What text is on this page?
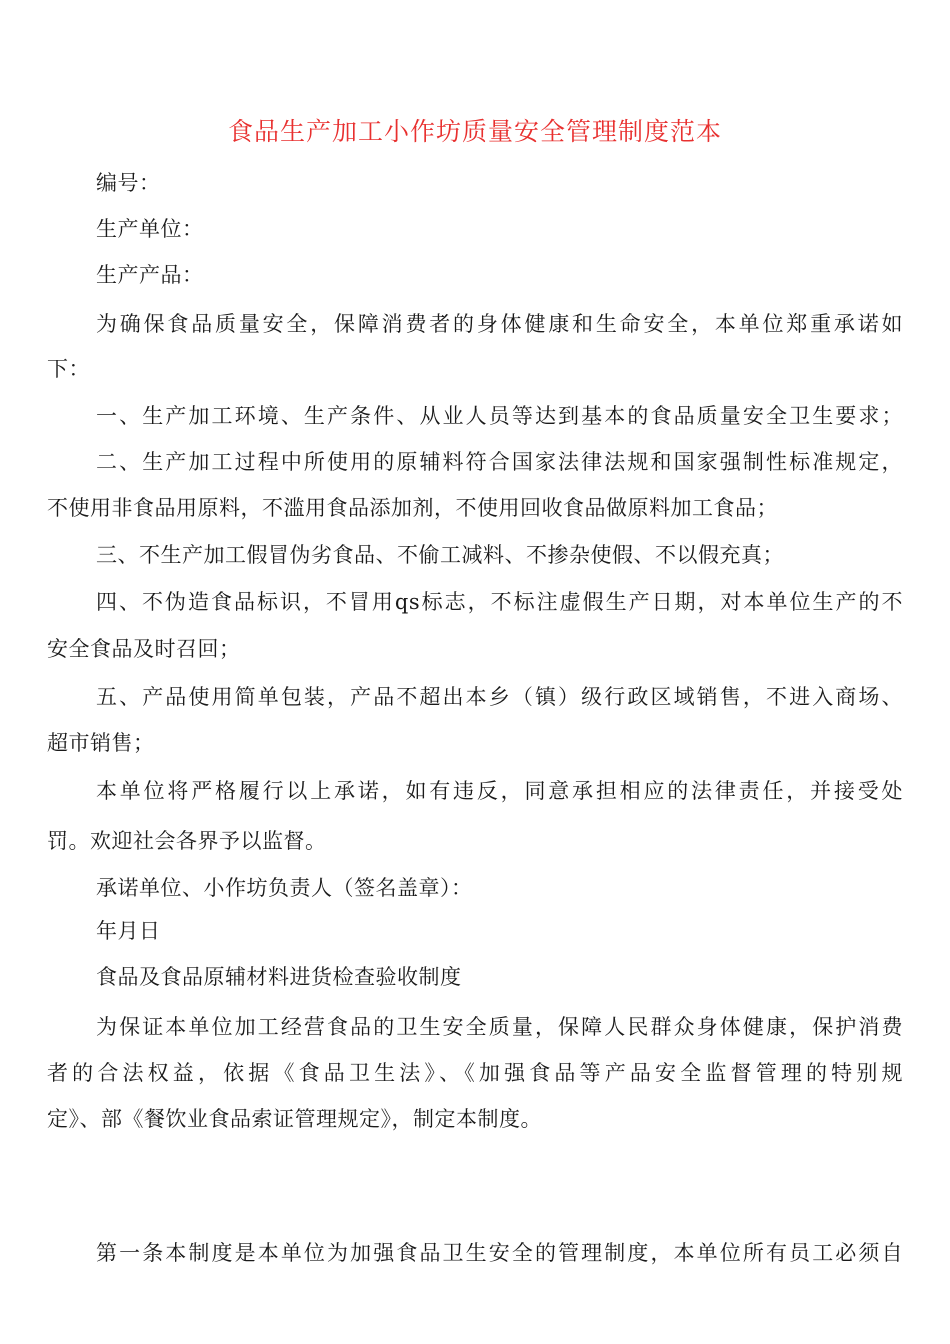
食品生产加工小作坊质量安全管理制度范本
编号：
生产单位：
生产产品：
为确保食品质量安全，保障消费者的身体健康和生命安全，本单位郑重承诺如
下：
一、生产加工环境、生产条件、从业人员等达到基本的食品质量安全卫生要求；
二、生产加工过程中所使用的原辅料符合国家法律法规和国家强制性标准规定，
不使用非食品用原料，不滥用食品添加剂，不使用回收食品做原料加工食品；
三、不生产加工假冒伪劣食品、不偷工减料、不掺杂使假、不以假充真；
四、不伪造食品标识，不冒用qs标志，不标注虚假生产日期，对本单位生产的不
安全食品及时召回；
五、产品使用简单包装，产品不超出本乡（镇）级行政区域销售，不进入商场、
超市销售；
本单位将严格履行以上承诺，如有违反，同意承担相应的法律责任，并接受处
罚。欢迎社会各界予以监督。
承诺单位、小作坊负责人（签名盖章）：
年月日
食品及食品原辅材料进货检查验收制度
为保证本单位加工经营食品的卫生安全质量，保障人民群众身体健康，保护消费
者的合法权益，依据《食品卫生法》、《加强食品等产品安全监督管理的特别规
定》、部《餐饮业食品索证管理规定》，制定本制度。
第一条本制度是本单位为加强食品卫生安全的管理制度，本单位所有员工必须自
